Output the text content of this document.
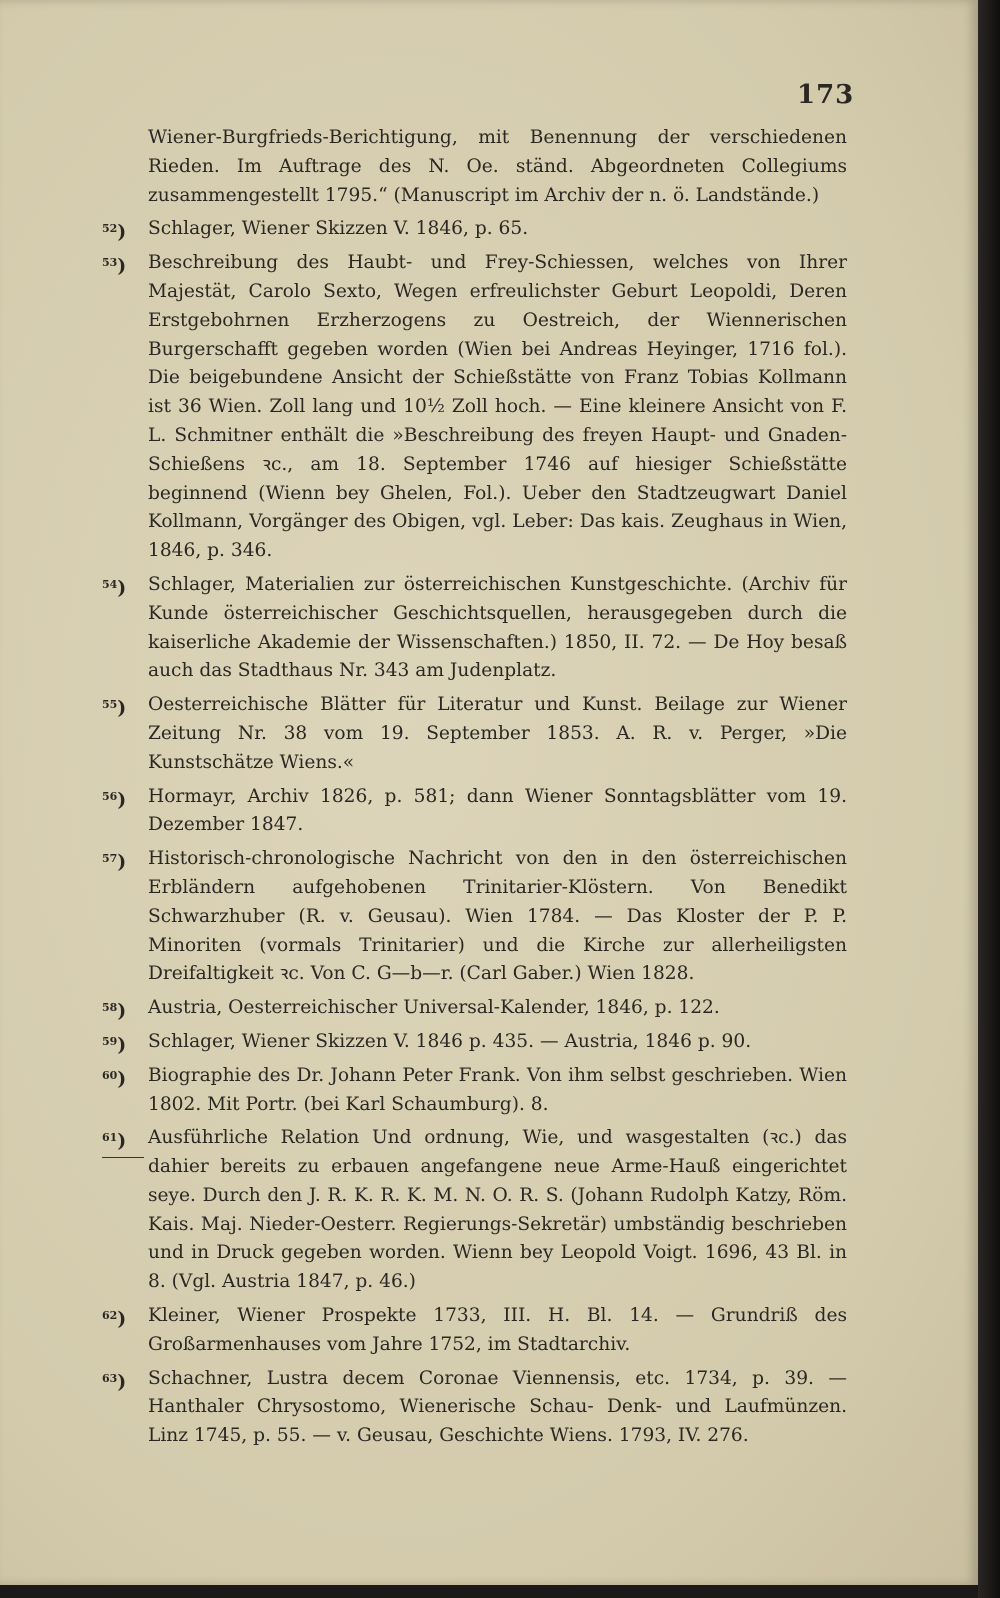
173

Wiener-Burgfrieds-Berichtigung, mit Benennung der verschiedenen Rieden. Im Auftrage des N. Oe. ständ. Abgeordneten Collegiums zusammengestellt 1795.“ (Manuscript im Archiv der n. ö. Landstände.)

$^{52}$)	Schlager, Wiener Skizzen V. 1846, p. 65.

$^{53}$)	Beschreibung des Haubt- und Frey-Schiessen, welches von Ihrer Majestät, Carolo Sexto, Wegen erfreulichster Geburt Leopoldi, Deren Erstgebohrnen Erzherzogens zu Oestreich, der Wiennerischen Burgerschafft gegeben worden (Wien bei Andreas Heyinger, 1716 fol.). Die beigebundene Ansicht der Schießstätte von Franz Tobias Kollmann ist 36 Wien. Zoll lang und 10½ Zoll hoch. — Eine kleinere Ansicht von F. L. Schmitner enthält die »Beschreibung des freyen Haupt- und Gnaden-Schießens ꝛc., am 18. September 1746 auf hiesiger Schießstätte beginnend (Wienn bey Ghelen, Fol.). Ueber den Stadtzeugwart Daniel Kollmann, Vorgänger des Obigen, vgl. Leber: Das kais. Zeughaus in Wien, 1846, p. 346.

$^{54}$)	Schlager, Materialien zur österreichischen Kunstgeschichte. (Archiv für Kunde österreichischer Geschichtsquellen, herausgegeben durch die kaiserliche Akademie der Wissenschaften.) 1850, II. 72. — De Hoy besaß auch das Stadthaus Nr. 343 am Judenplatz.

$^{55}$)	Oesterreichische Blätter für Literatur und Kunst. Beilage zur Wiener Zeitung Nr. 38 vom 19. September 1853. A. R. v. Perger, »Die Kunstschätze Wiens.«

$^{56}$)	Hormayr, Archiv 1826, p. 581; dann Wiener Sonntagsblätter vom 19. Dezember 1847.

$^{57}$)	Historisch-chronologische Nachricht von den in den österreichischen Erbländern aufgehobenen Trinitarier-Klöstern. Von Benedikt Schwarzhuber (R. v. Geusau). Wien 1784. — Das Kloster der P. P. Minoriten (vormals Trinitarier) und die Kirche zur allerheiligsten Dreifaltigkeit ꝛc. Von C. G—b—r. (Carl Gaber.) Wien 1828.

$^{58}$)	Austria, Oesterreichischer Universal-Kalender, 1846, p. 122.

$^{59}$)	Schlager, Wiener Skizzen V. 1846 p. 435. — Austria, 1846 p. 90.

$^{60}$)	Biographie des Dr. Johann Peter Frank. Von ihm selbst geschrieben. Wien 1802. Mit Portr. (bei Karl Schaumburg). 8.

$^{61}$)	Ausführliche Relation Und ordnung, Wie, und wasgestalten (ꝛc.) das dahier bereits zu erbauen angefangene neue Arme-Hauß eingerichtet seye. Durch den J. R. K. R. K. M. N. O. R. S. (Johann Rudolph Katzy, Röm. Kais. Maj. Nieder-Oesterr. Regierungs-Sekretär) umbständig beschrieben und in Druck gegeben worden. Wienn bey Leopold Voigt. 1696, 43 Bl. in 8. (Vgl. Austria 1847, p. 46.)

$^{62}$)	Kleiner, Wiener Prospekte 1733, III. H. Bl. 14. — Grundriß des Großarmenhauses vom Jahre 1752, im Stadtarchiv.

$^{63}$)	Schachner, Lustra decem Coronae Viennensis, etc. 1734, p. 39. — Hanthaler Chrysostomo, Wienerische Schau- Denk- und Laufmünzen. Linz 1745, p. 55. — v. Geusau, Geschichte Wiens. 1793, IV. 276.
